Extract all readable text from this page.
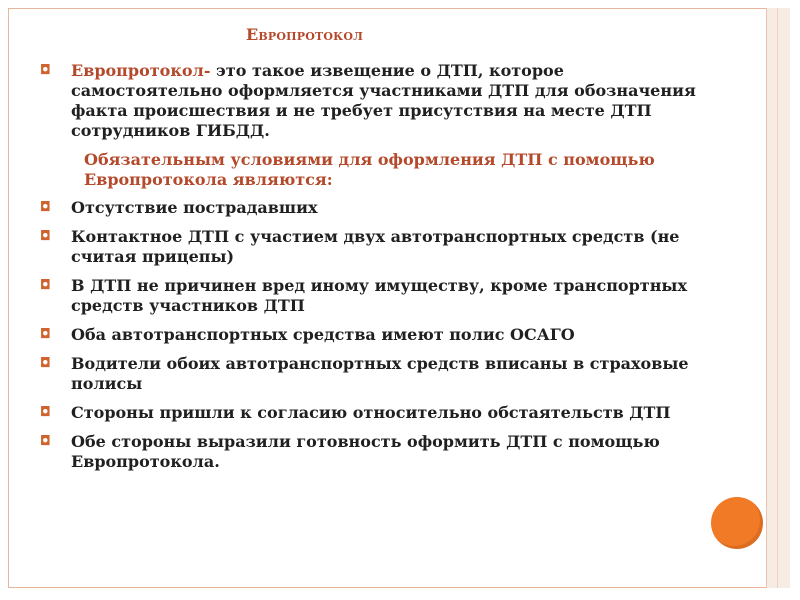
Европротокол
◘ Европротокол- это такое извещение о ДТП, которое самостоятельно оформляется участниками ДТП для обозначения факта происшествия и не требует присутствия на месте ДТП сотрудников ГИБДД.
Обязательным условиями для оформления ДТП с помощью Европротокола являются:
◘ Отсутствие пострадавших
◘ Контактное ДТП с участием двух автотранспортных средств (не считая прицепы)
◘ В ДТП не причинен вред иному имуществу, кроме транспортных средств участников ДТП
◘ Оба автотранспортных средства имеют полис ОСАГО
◘ Водители обоих автотранспортных средств вписаны в страховые полисы
◘ Стороны пришли к согласию относительно обстаятельств ДТП
◘ Обе стороны выразили готовность оформить ДТП с помощью Европротокола.
